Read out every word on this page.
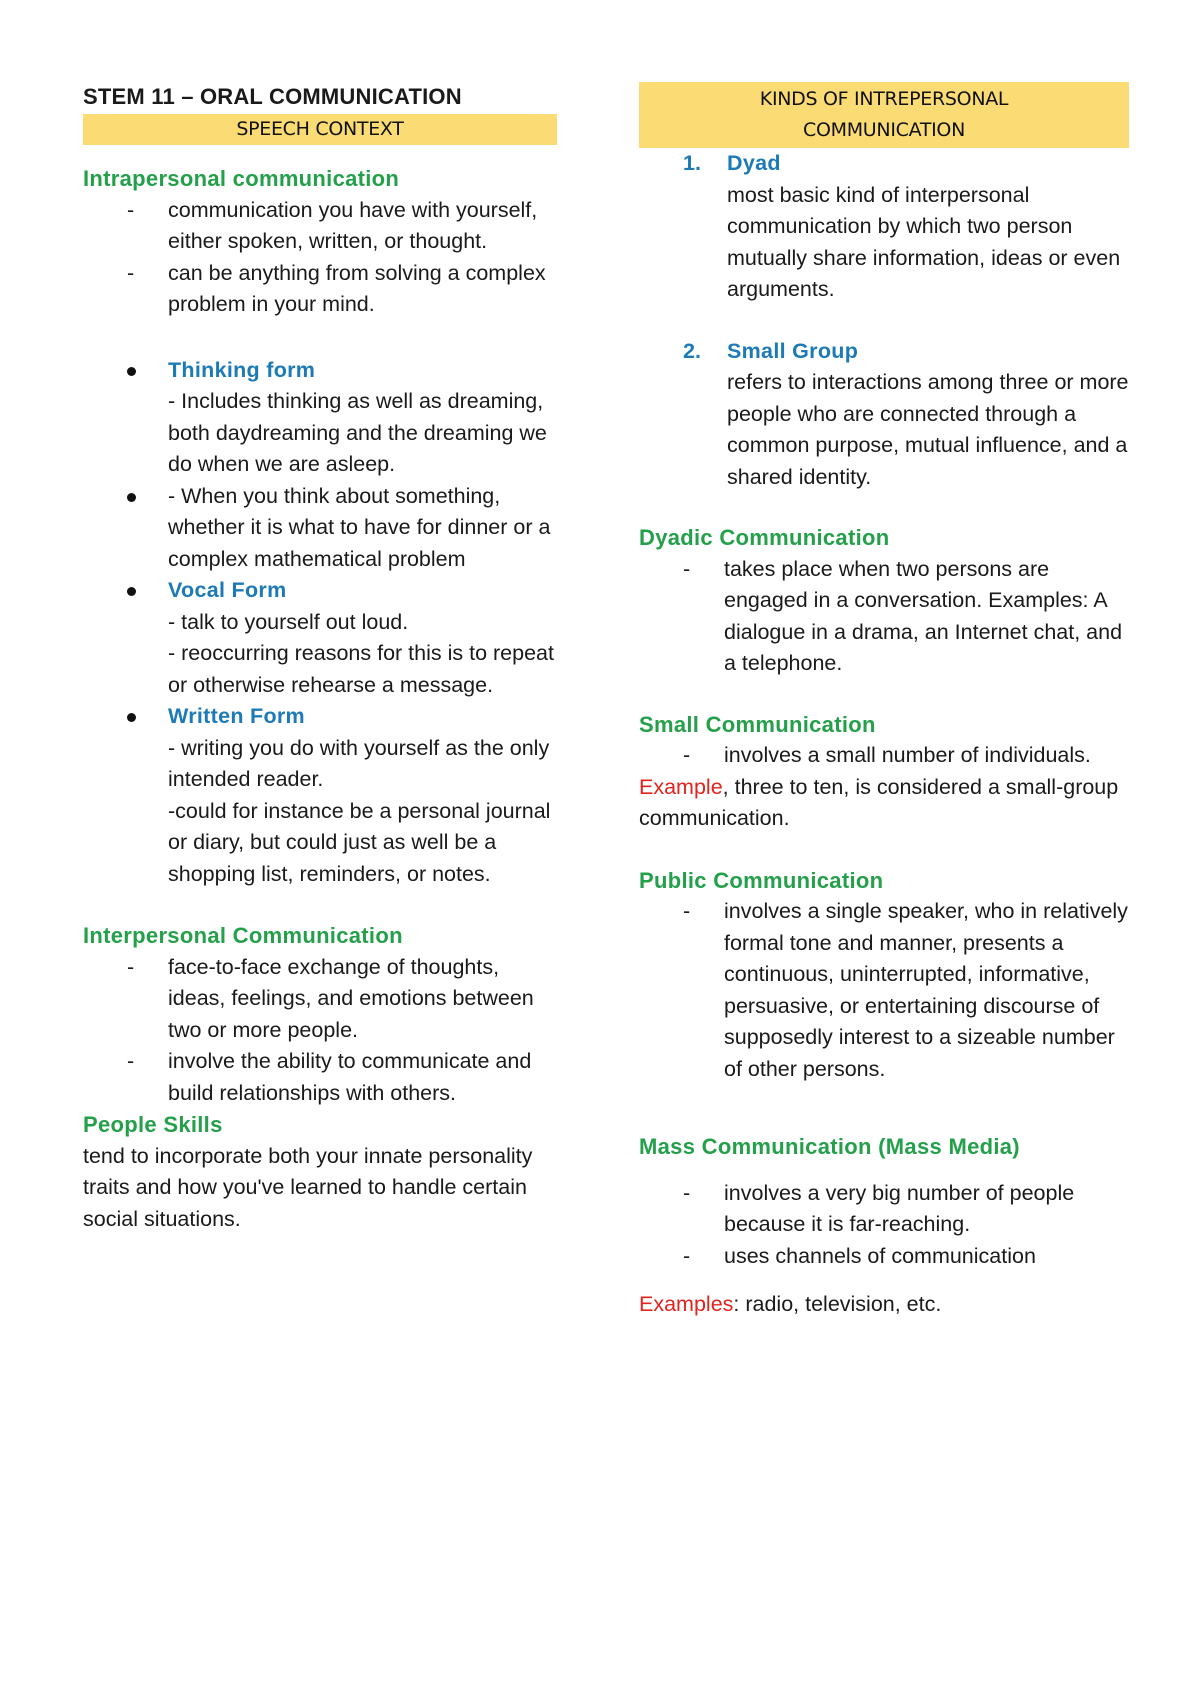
STEM 11 – ORAL COMMUNICATION
SPEECH CONTEXT
Intrapersonal communication
- communication you have with yourself, either spoken, written, or thought.
- can be anything from solving a complex problem in your mind.
Thinking form
- Includes thinking as well as dreaming, both daydreaming and the dreaming we do when we are asleep.
- When you think about something, whether it is what to have for dinner or a complex mathematical problem
Vocal Form
- talk to yourself out loud.
- reoccurring reasons for this is to repeat or otherwise rehearse a message.
Written Form
- writing you do with yourself as the only intended reader.
-could for instance be a personal journal or diary, but could just as well be a shopping list, reminders, or notes.
Interpersonal Communication
- face-to-face exchange of thoughts, ideas, feelings, and emotions between two or more people.
- involve the ability to communicate and build relationships with others.
People Skills
tend to incorporate both your innate personality traits and how you've learned to handle certain social situations.
KINDS OF INTREPERSONAL
COMMUNICATION
1. Dyad
most basic kind of interpersonal communication by which two person mutually share information, ideas or even arguments.
2. Small Group
refers to interactions among three or more people who are connected through a common purpose, mutual influence, and a shared identity.
Dyadic Communication
- takes place when two persons are engaged in a conversation. Examples: A dialogue in a drama, an Internet chat, and a telephone.
Small Communication
- involves a small number of individuals.
Example, three to ten, is considered a small-group communication.
Public Communication
- involves a single speaker, who in relatively formal tone and manner, presents a continuous, uninterrupted, informative, persuasive, or entertaining discourse of supposedly interest to a sizeable number of other persons.
Mass Communication (Mass Media)
- involves a very big number of people because it is far-reaching.
- uses channels of communication
Examples: radio, television, etc.
